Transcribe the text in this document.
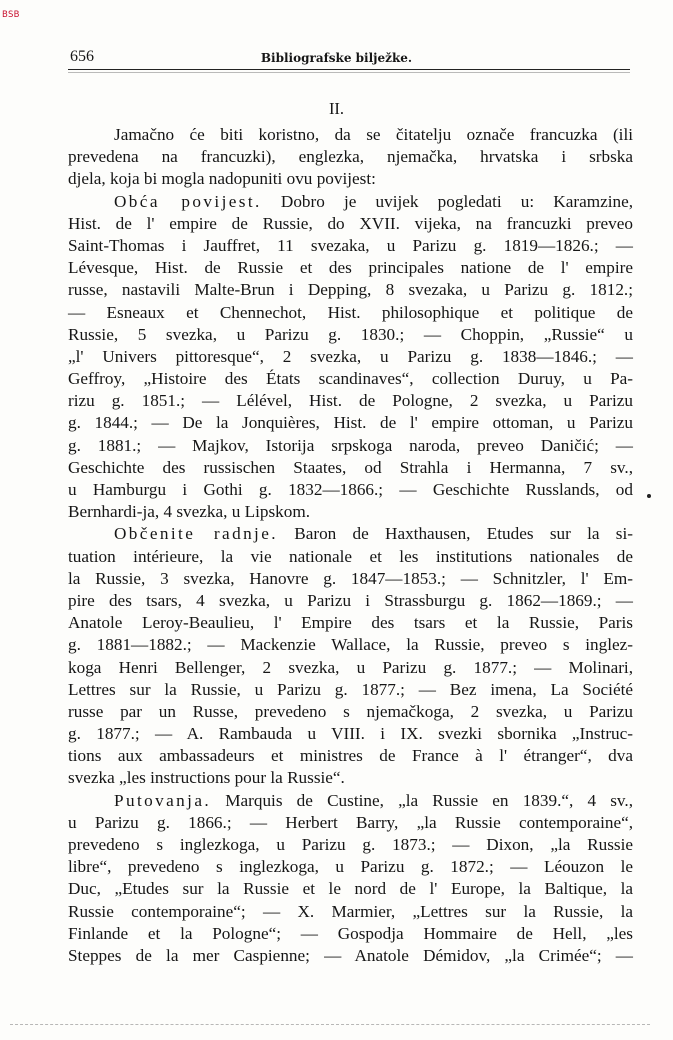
BSB
656	Bibliografske bilježke.
II.
Jamačno će biti koristno, da se čitatelju označe francuzka (ili
prevedena na francuzki), englezka, njemačka, hrvatska i srbska
djela, koja bi mogla nadopuniti ovu povijest:
Obća povijest. Dobro je uvijek pogledati u: Karamzine,
Hist. de l' empire de Russie, do XVII. vijeka, na francuzki preveo
Saint-Thomas i Jauffret, 11 svezaka, u Parizu g. 1819—1826.; —
Lévesque, Hist. de Russie et des principales natione de l' empire
russe, nastavili Malte-Brun i Depping, 8 svezaka, u Parizu g. 1812.;
— Esneaux et Chennechot, Hist. philosophique et politique de
Russie, 5 svezka, u Parizu g. 1830.; — Choppin, „Russie“ u
„l' Univers pittoresque“, 2 svezka, u Parizu g. 1838—1846.; —
Geffroy, „Histoire des États scandinaves“, collection Duruy, u Pa-
rizu g. 1851.; — Lélével, Hist. de Pologne, 2 svezka, u Parizu
g. 1844.; — De la Jonquières, Hist. de l' empire ottoman, u Parizu
g. 1881.; — Majkov, Istorija srpskoga naroda, preveo Daničić; —
Geschichte des russischen Staates, od Strahla i Hermanna, 7 sv.,
u Hamburgu i Gothi g. 1832—1866.; — Geschichte Russlands, od
Bernhardi-ja, 4 svezka, u Lipskom.
Občenite radnje. Baron de Haxthausen, Etudes sur la si-
tuation intérieure, la vie nationale et les institutions nationales de
la Russie, 3 svezka, Hanovre g. 1847—1853.; — Schnitzler, l' Em-
pire des tsars, 4 svezka, u Parizu i Strassburgu g. 1862—1869.; —
Anatole Leroy-Beaulieu, l' Empire des tsars et la Russie, Paris
g. 1881—1882.; — Mackenzie Wallace, la Russie, preveo s inglez-
koga Henri Bellenger, 2 svezka, u Parizu g. 1877.; — Molinari,
Lettres sur la Russie, u Parizu g. 1877.; — Bez imena, La Société
russe par un Russe, prevedeno s njemačkoga, 2 svezka, u Parizu
g. 1877.; — A. Rambauda u VIII. i IX. svezki sbornika „Instruc-
tions aux ambassadeurs et ministres de France à l' étranger“, dva
svezka „les instructions pour la Russie“.
Putovanja. Marquis de Custine, „la Russie en 1839.“, 4 sv.,
u Parizu g. 1866.; — Herbert Barry, „la Russie contemporaine“,
prevedeno s inglezkoga, u Parizu g. 1873.; — Dixon, „la Russie
libre“, prevedeno s inglezkoga, u Parizu g. 1872.; — Léouzon le
Duc, „Etudes sur la Russie et le nord de l' Europe, la Baltique, la
Russie contemporaine“; — X. Marmier, „Lettres sur la Russie, la
Finlande et la Pologne“; — Gospodja Hommaire de Hell, „les
Steppes de la mer Caspienne; — Anatole Démidov, „la Crimée“; —
